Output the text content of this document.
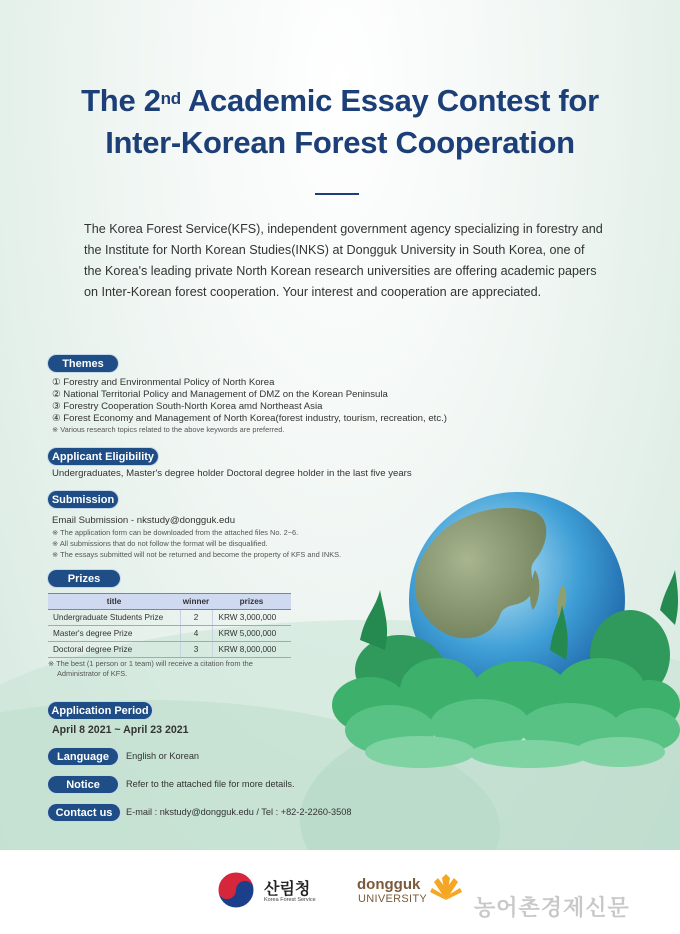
The 2nd Academic Essay Contest for
Inter-Korean Forest Cooperation
The Korea Forest Service(KFS), independent government agency specializing in forestry and the Institute for North Korean Studies(INKS) at Dongguk University in South Korea, one of the Korea's leading private North Korean research universities are offering academic papers on Inter-Korean forest cooperation. Your interest and cooperation are appreciated.
Themes
① Forestry and Environmental Policy of North Korea
② National Territorial Policy and Management of DMZ on the Korean Peninsula
③ Forestry Cooperation South-North Korea amd Northeast Asia
④ Forest Economy and Management of North Korea(forest industry, tourism, recreation, etc.)
※ Various research topics related to the above keywords are preferred.
Applicant Eligibility
Undergraduates, Master's degree holder Doctoral degree holder in the last five years
Submission
Email Submission - nkstudy@dongguk.edu
※ The application form can be downloaded from the attached files No. 2~6.
※ All submissions that do not follow the format will be disqualified.
※ The essays submitted will not be returned and become the property of KFS and INKS.
Prizes
title	winner	prizes
Undergraduate Students Prize	2	KRW 3,000,000
Master's degree Prize	4	KRW 5,000,000
Doctoral degree Prize	3	KRW 8,000,000
※ The best (1 person or 1 team) will receive a citation from the
Administrator of KFS.
Application Period
April 8 2021 ~ April 23 2021
Language	English or Korean
Notice	Refer to the attached file for more details.
Contact us	E-mail : nkstudy@dongguk.edu / Tel : +82-2-2260-3508
산림청
Korea Forest Service
dongguk
UNIVERSITY 농어촌경제신문
